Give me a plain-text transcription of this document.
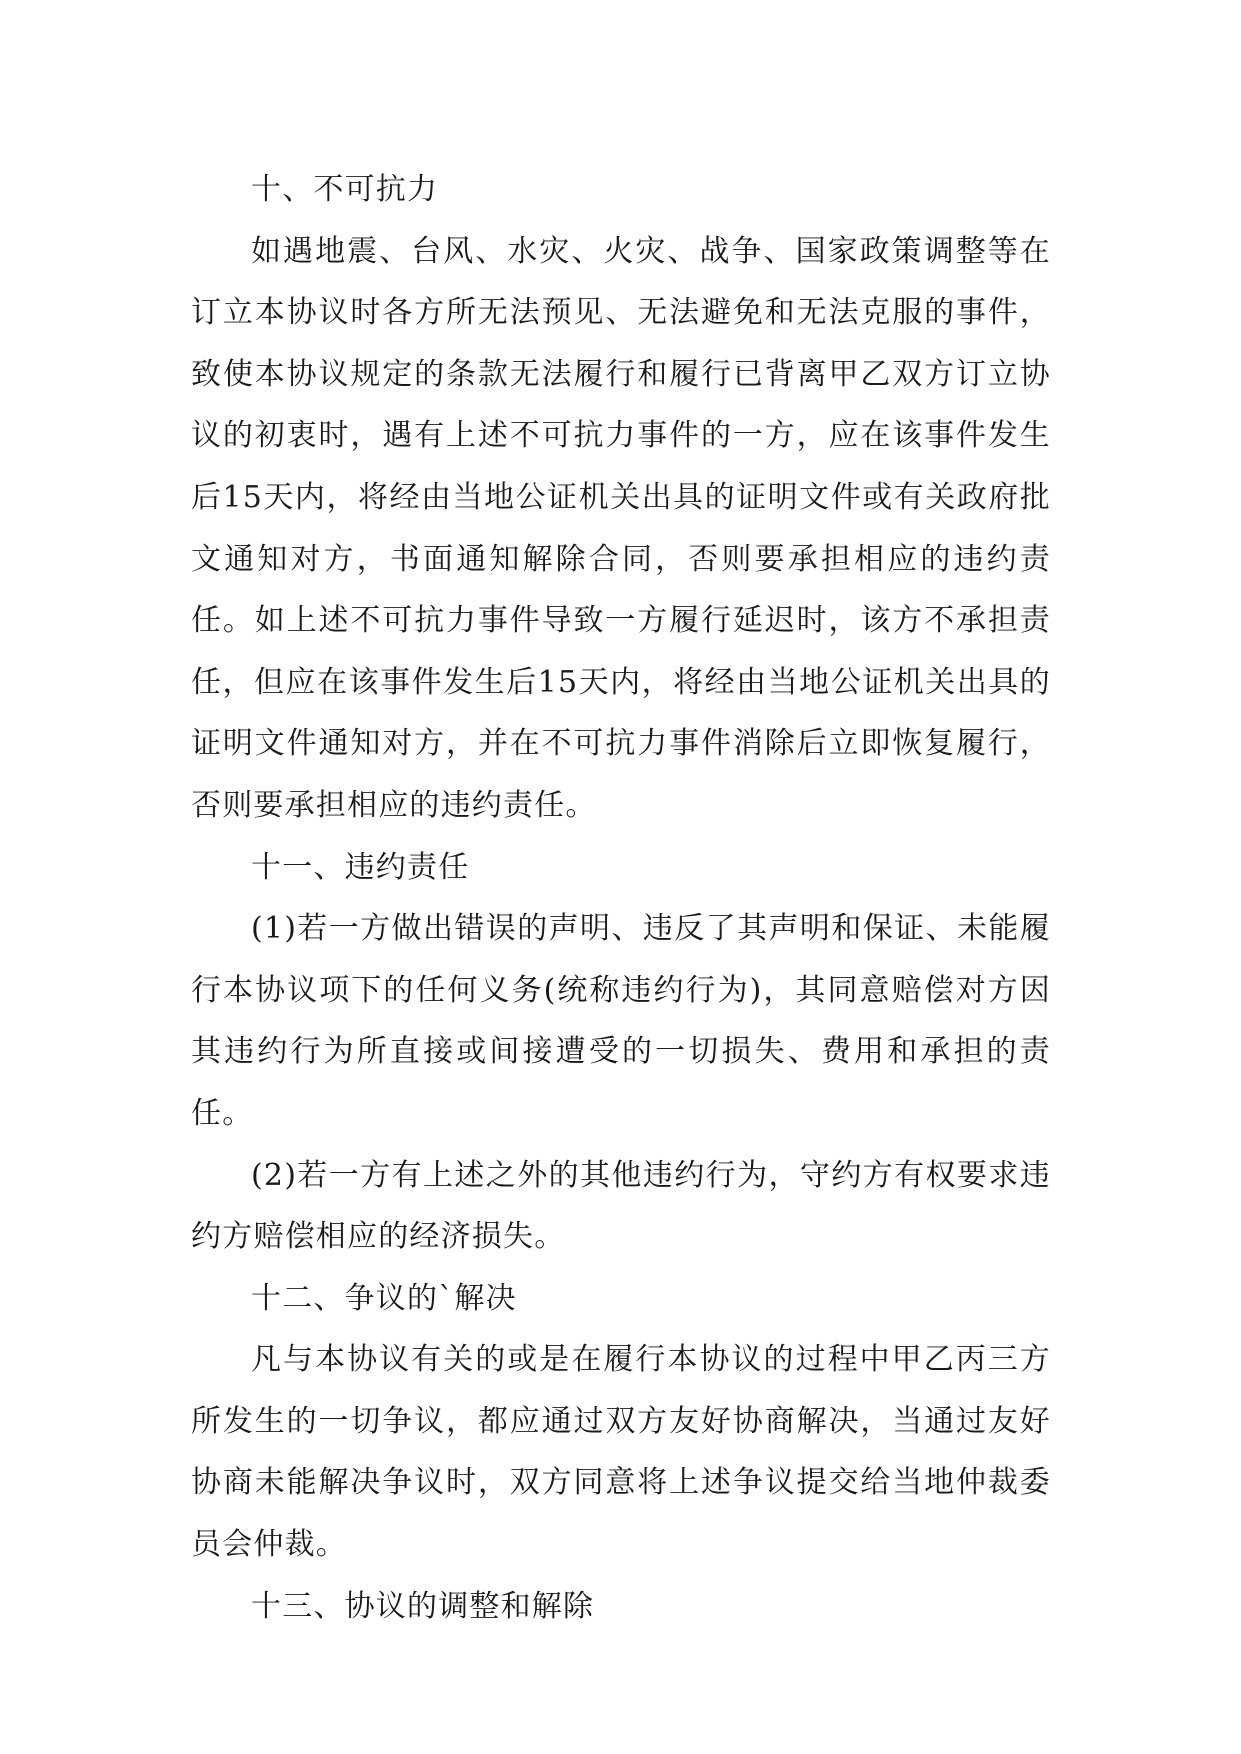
十、不可抗力

如遇地震、台风、水灾、火灾、战争、国家政策调整等在订立本协议时各方所无法预见、无法避免和无法克服的事件，致使本协议规定的条款无法履行和履行已背离甲乙双方订立协议的初衷时，遇有上述不可抗力事件的一方，应在该事件发生后15天内，将经由当地公证机关出具的证明文件或有关政府批文通知对方，书面通知解除合同，否则要承担相应的违约责任。如上述不可抗力事件导致一方履行延迟时，该方不承担责任，但应在该事件发生后15天内，将经由当地公证机关出具的证明文件通知对方，并在不可抗力事件消除后立即恢复履行，否则要承担相应的违约责任。

十一、违约责任

(1)若一方做出错误的声明、违反了其声明和保证、未能履行本协议项下的任何义务(统称违约行为)，其同意赔偿对方因其违约行为所直接或间接遭受的一切损失、费用和承担的责任。

(2)若一方有上述之外的其他违约行为，守约方有权要求违约方赔偿相应的经济损失。

十二、争议的`解决

凡与本协议有关的或是在履行本协议的过程中甲乙丙三方所发生的一切争议，都应通过双方友好协商解决，当通过友好协商未能解决争议时，双方同意将上述争议提交给当地仲裁委员会仲裁。

十三、协议的调整和解除
